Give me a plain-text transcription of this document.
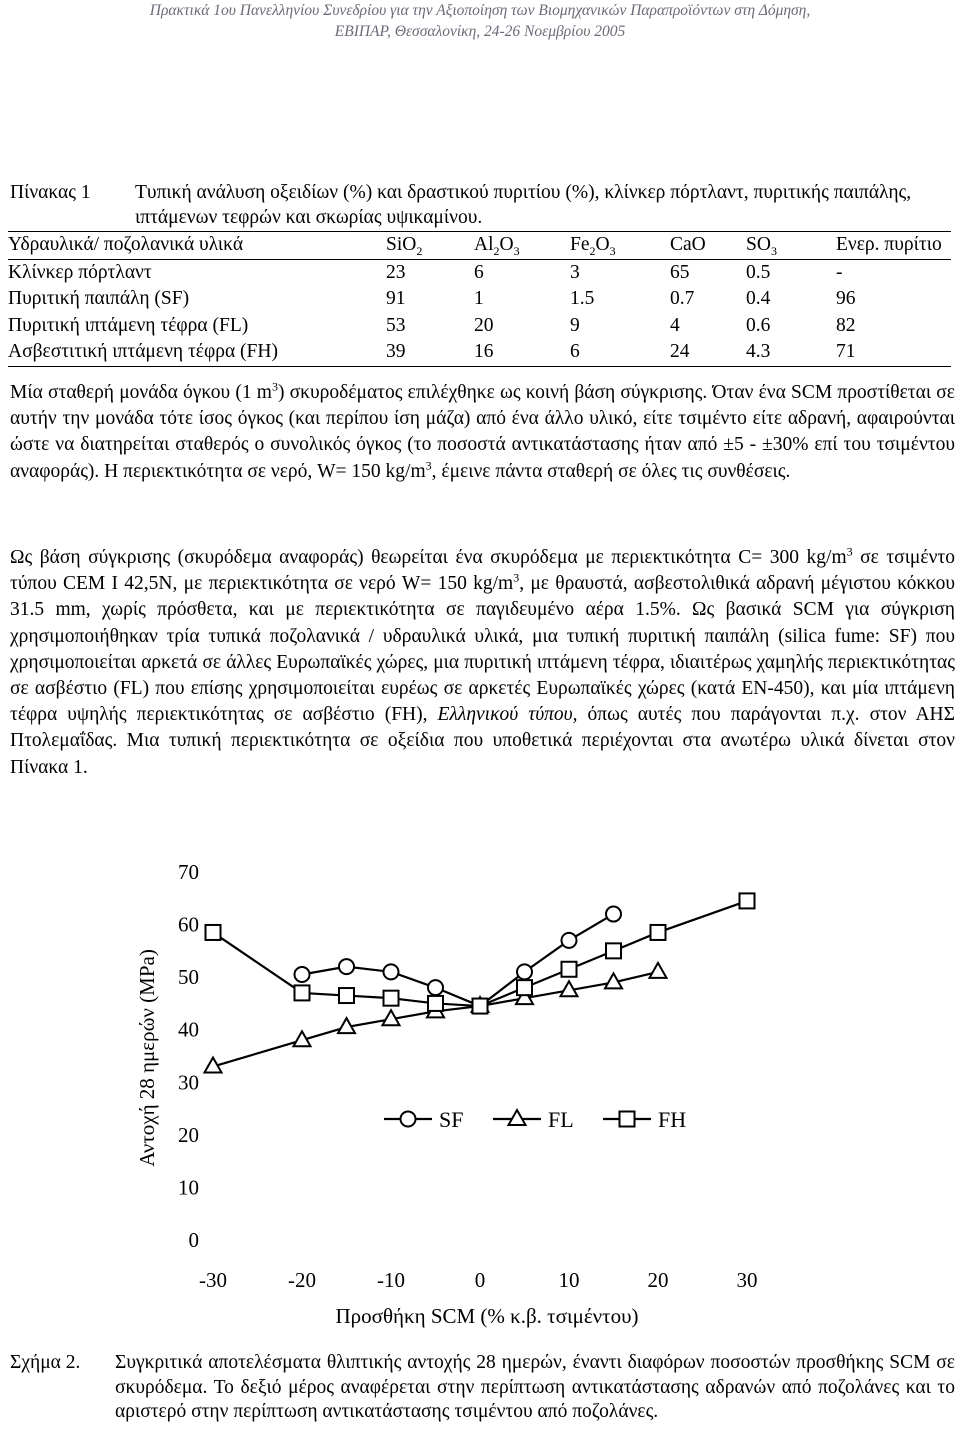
Πρακτικά 1ου Πανελληνίου Συνεδρίου για την Αξιοποίηση των Βιομηχανικών Παραπροϊόντων στη Δόμηση,
ΕΒΙΠΑΡ, Θεσσαλονίκη, 24-26 Νοεμβρίου 2005
Πίνακας 1 Τυπική ανάλυση οξειδίων (%) και δραστικού πυριτίου (%), κλίνκερ πόρτλαντ, πυριτικής παιπάλης, ιπτάμενων τεφρών και σκωρίας υψικαμίνου.
Υδραυλικά/ ποζολανικά υλικά	SiO$_2$	$Al_2O_3$	$Fe_2O_3$	CaO	$SO_3$	Ενερ. πυρίτιο
Κλίνκερ πόρτλαντ	23	6	3	65	0.5	-
Πυριτική παιπάλη (SF)	91	1	1.5	0.7	0.4	96
Πυριτική ιπτάμενη τέφρα (FL)	53	20	9	4	0.6	82
Ασβεστιτική ιπτάμενη τέφρα (FH)	39	16	6	24	4.3	71

Μία σταθερή μονάδα όγκου (1 $m^3$) σκυροδέματος επιλέχθηκε ως κοινή βάση σύγκρισης. Όταν ένα SCM προστίθεται σε αυτήν την μονάδα τότε ίσος όγκος (και περίπου ίση μάζα) από ένα άλλο υλικό, είτε τσιμέντο είτε αδρανή, αφαιρούνται ώστε να διατηρείται σταθερός ο συνολικός όγκος (το ποσοστά αντικατάστασης ήταν από ±5 - ±30% επί του τσιμέντου αναφοράς). Η περιεκτικότητα σε νερό, W= 150 $kg/m^3$, έμεινε πάντα σταθερή σε όλες τις συνθέσεις.

Ως βάση σύγκρισης (σκυρόδεμα αναφοράς) θεωρείται ένα σκυρόδεμα με περιεκτικότητα C= 300 $kg/m^3$ σε τσιμέντο τύπου CEM I 42,5N, με περιεκτικότητα σε νερό W= 150 $kg/m^3$, με θραυστά, ασβεστολιθικά αδρανή μέγιστου κόκκου 31.5 mm, χωρίς πρόσθετα, και με περιεκτικότητα σε παγιδευμένο αέρα 1.5%. Ως βασικά SCM για σύγκριση χρησιμοποιήθηκαν τρία τυπικά ποζολανικά / υδραυλικά υλικά, μια τυπική πυριτική παιπάλη (silica fume: SF) που χρησιμοποιείται αρκετά σε άλλες Ευρωπαϊκές χώρες, μια πυριτική ιπτάμενη τέφρα, ιδιαιτέρως χαμηλής περιεκτικότητας σε ασβέστιο (FL) που επίσης χρησιμοποιείται ευρέως σε αρκετές Ευρωπαϊκές χώρες (κατά ΕΝ-450), και μία ιπτάμενη τέφρα υψηλής περιεκτικότητας σε ασβέστιο (FH), Ελληνικού τύπου, όπως αυτές που παράγονται π.χ. στον ΑΗΣ Πτολεμαΐδας. Μια τυπική περιεκτικότητα σε οξείδια που υποθετικά περιέχονται στα ανωτέρω υλικά δίνεται στον Πίνακα 1.

0
10
20
30
40
50
60
70
-30	-20	-10	0	10	20	30
Αντοχή 28 ημερών (MPa)
Προσθήκη SCM (% κ.β. τσιμέντου)
SF	FL	FH
Σχήμα 2. Συγκριτικά αποτελέσματα θλιπτικής αντοχής 28 ημερών, έναντι διαφόρων ποσοστών προσθήκης SCM σε σκυρόδεμα. Το δεξιό μέρος αναφέρεται στην περίπτωση αντικατάστασης αδρανών από ποζολάνες και το αριστερό στην περίπτωση αντικατάστασης τσιμέντου από ποζολάνες.
